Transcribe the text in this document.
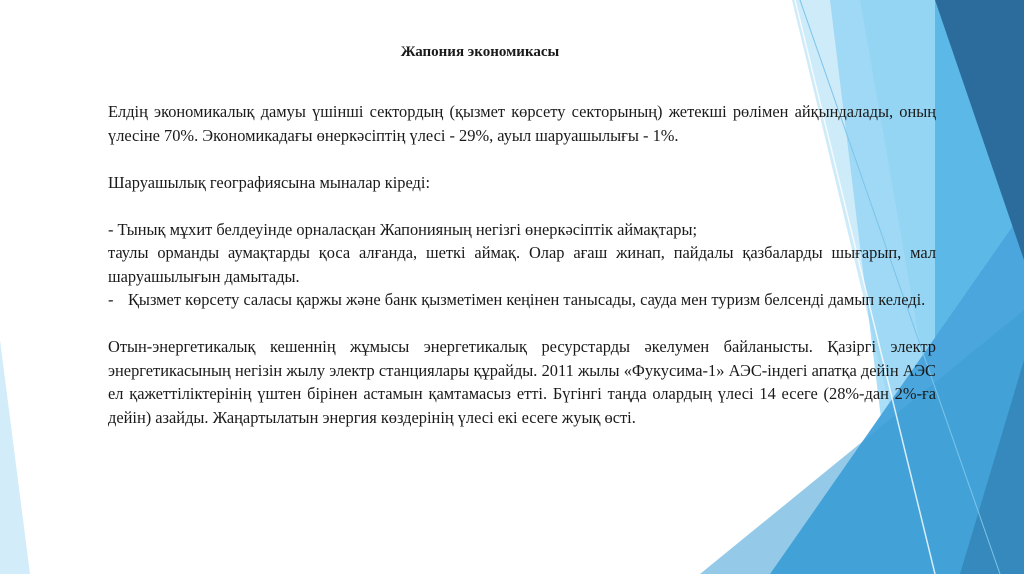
Жапония экономикасы

Елдің экономикалық дамуы үшінші сектордың (қызмет көрсету секторының) жетекші рөлімен айқындалады, оның үлесіне 70%. Экономикадағы өнеркәсіптің үлесі - 29%, ауыл шаруашылығы - 1%.

Шаруашылық географиясына мыналар кіреді:

- Тынық мұхит белдеуінде орналасқан Жапонияның негізгі өнеркәсіптік аймақтары;

таулы орманды аумақтарды қоса алғанда, шеткі аймақ. Олар ағаш жинап, пайдалы қазбаларды шығарып, мал шаруашылығын дамытады.

- Қызмет көрсету саласы қаржы және банк қызметімен кеңінен танысады, сауда мен туризм белсенді дамып келеді.

Отын-энергетикалық кешеннің жұмысы энергетикалық ресурстарды әкелумен байланысты. Қазіргі электр энергетикасының негізін жылу электр станциялары құрайды. 2011 жылы «Фукусима-1» АЭС-індегі апатқа дейін АЭС ел қажеттіліктерінің үштен бірінен астамын қамтамасыз етті. Бүгінгі таңда олардың үлесі 14 есеге (28%-дан 2%-ға дейін) азайды. Жаңартылатын энергия көздерінің үлесі екі есеге жуық өсті.
